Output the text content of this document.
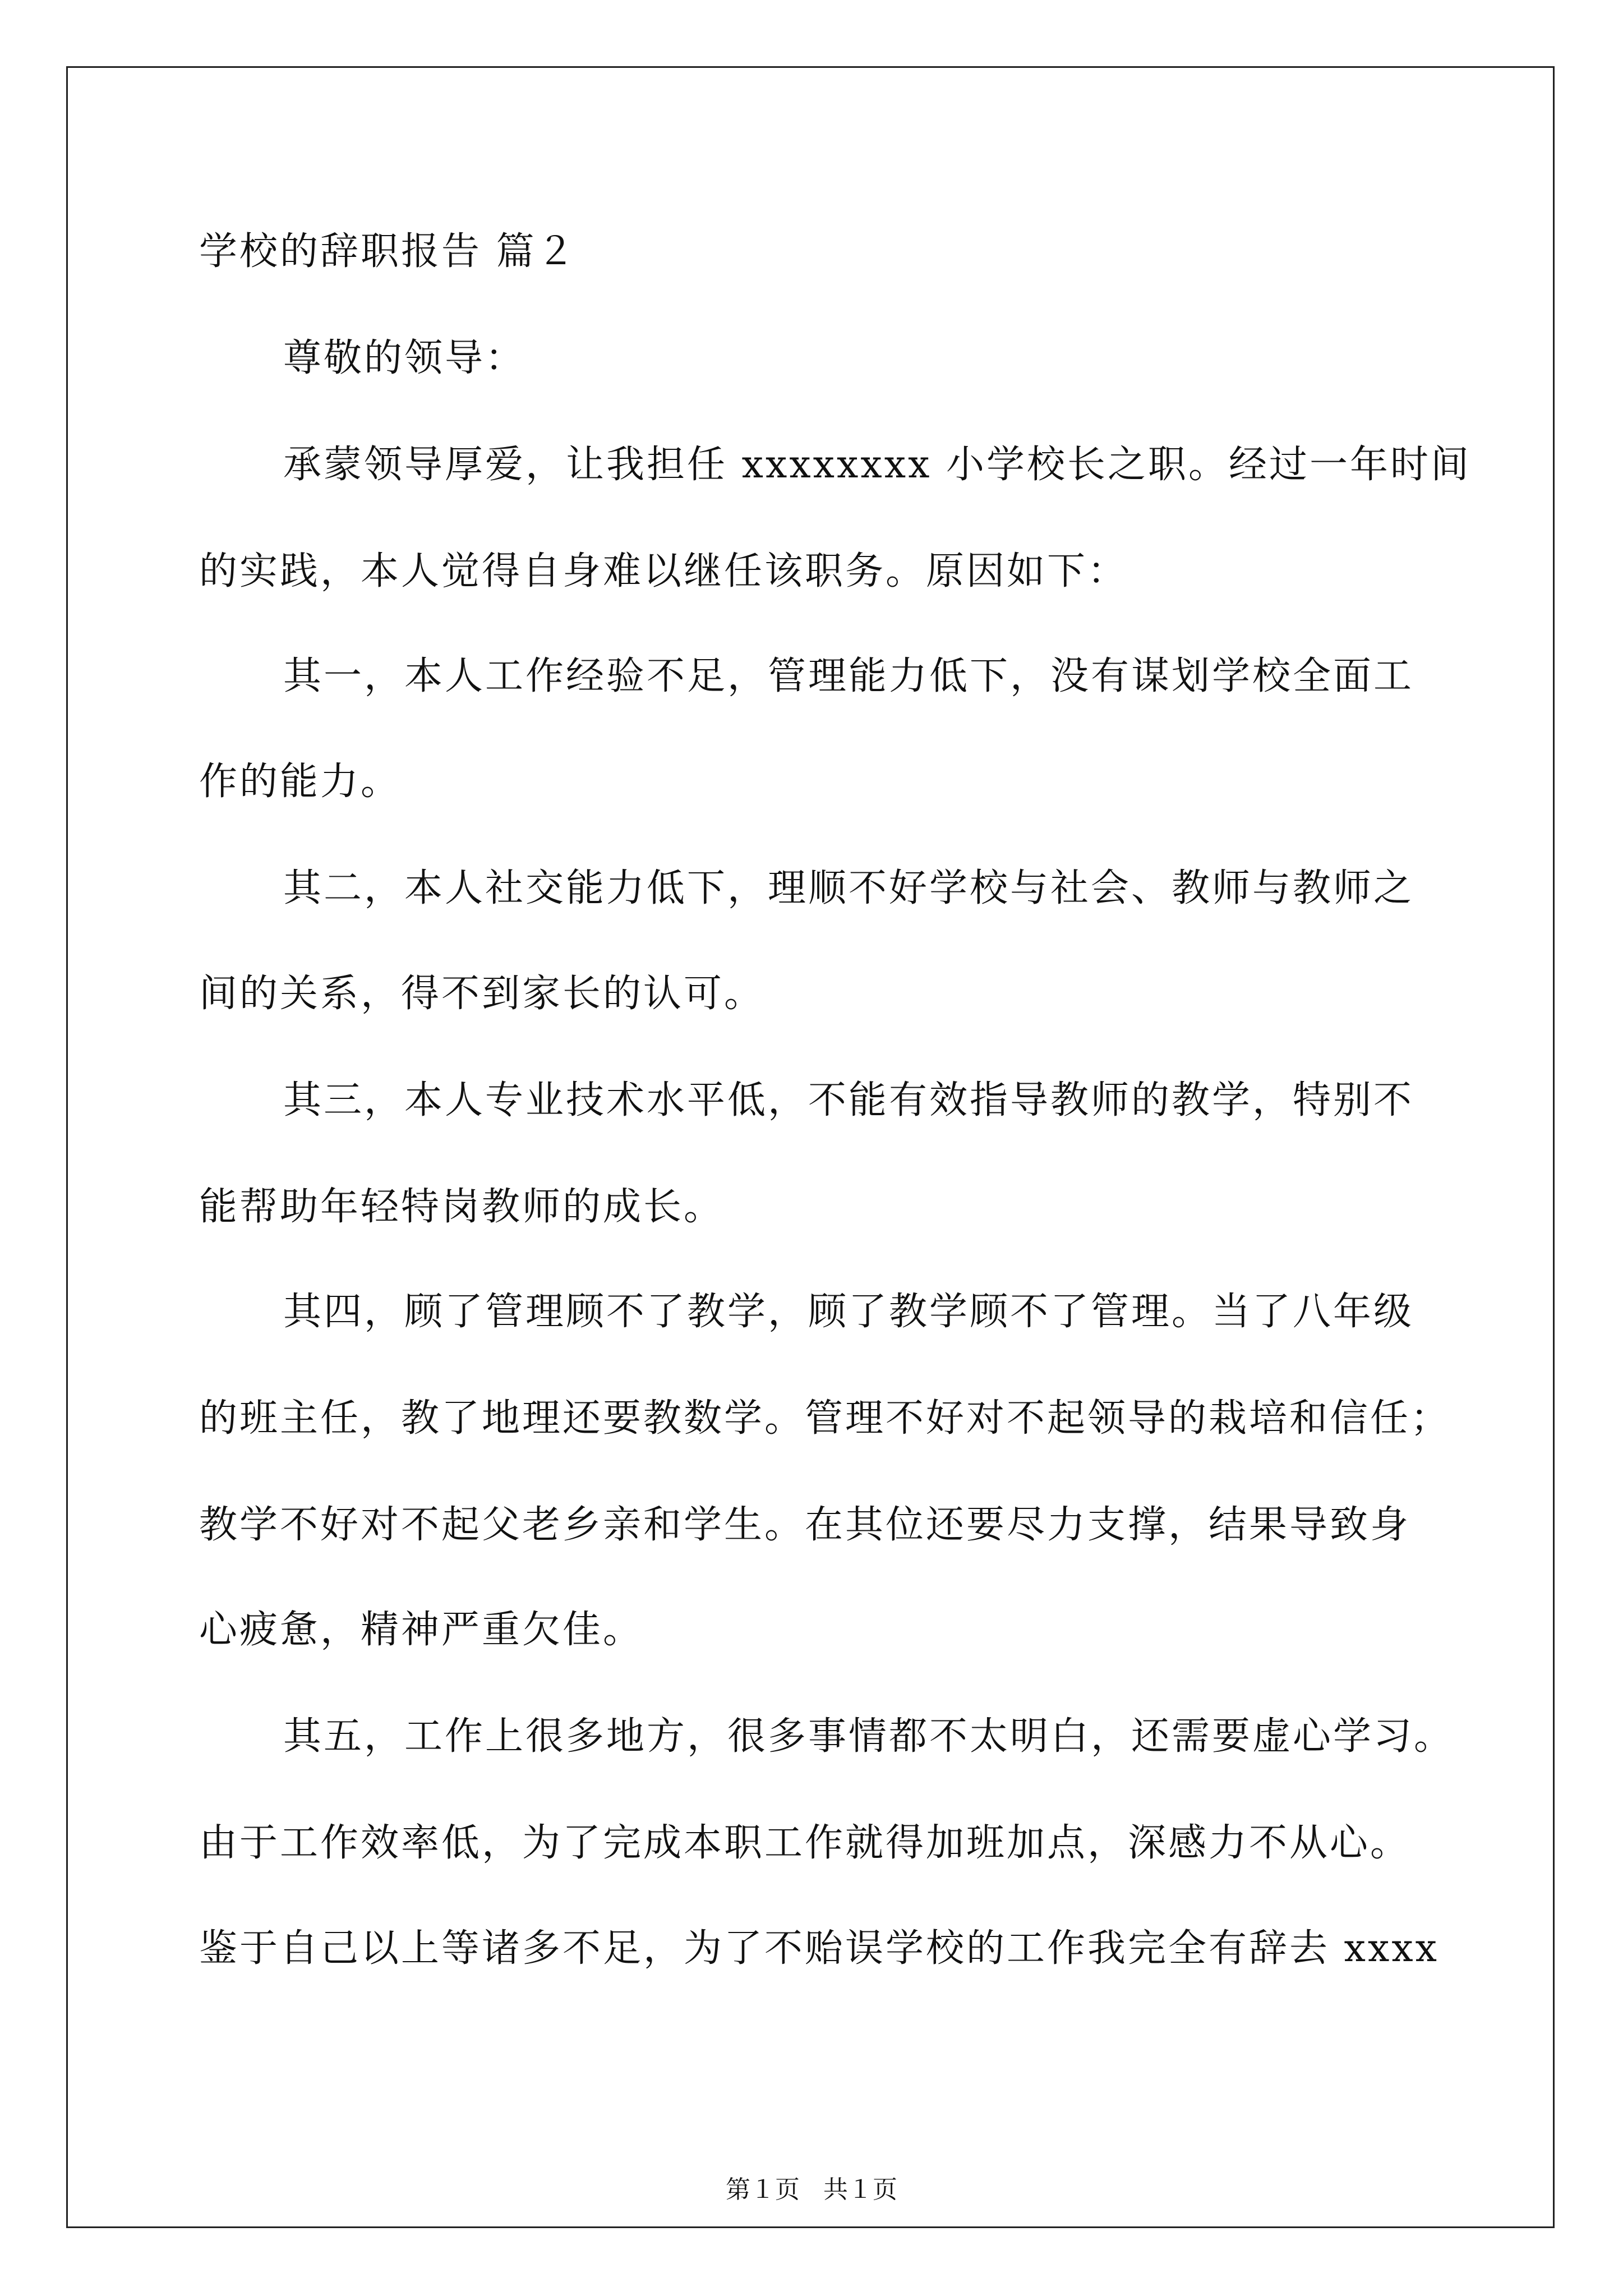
学校的辞职报告 篇２
尊敬的领导：
承蒙领导厚爱，让我担任 xxxxxxxx 小学校长之职。经过一年时间
的实践，本人觉得自身难以继任该职务。原因如下：
其一，本人工作经验不足，管理能力低下，没有谋划学校全面工
作的能力。
其二，本人社交能力低下，理顺不好学校与社会、教师与教师之
间的关系，得不到家长的认可。
其三，本人专业技术水平低，不能有效指导教师的教学，特别不
能帮助年轻特岗教师的成长。
其四，顾了管理顾不了教学，顾了教学顾不了管理。当了八年级
的班主任，教了地理还要教数学。管理不好对不起领导的栽培和信任；
教学不好对不起父老乡亲和学生。在其位还要尽力支撑，结果导致身
心疲惫，精神严重欠佳。
其五，工作上很多地方，很多事情都不太明白，还需要虚心学习。
由于工作效率低，为了完成本职工作就得加班加点，深感力不从心。
鉴于自己以上等诸多不足，为了不贻误学校的工作我完全有辞去 xxxx
第１页   共１页
